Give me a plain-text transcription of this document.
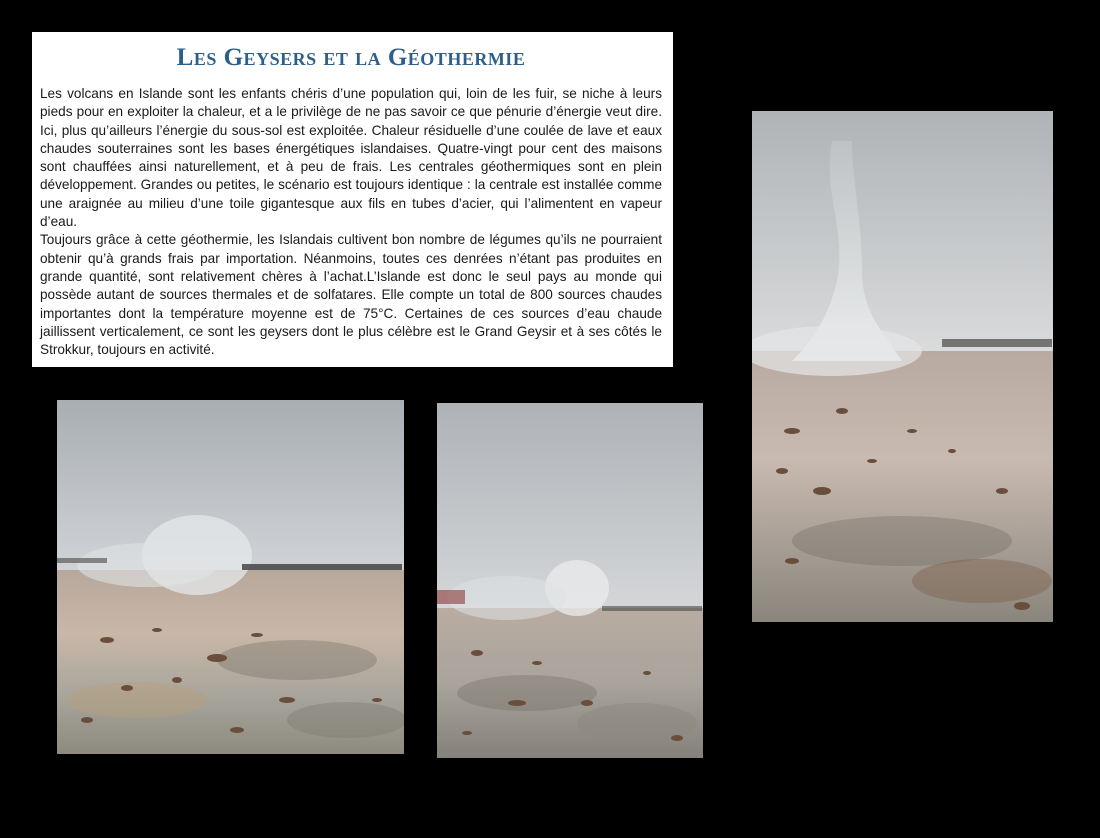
Les Geysers et la Géothermie

Les volcans en Islande sont les enfants chéris d’une population qui, loin de les fuir, se niche à leurs pieds pour en exploiter la chaleur, et a le privilège de ne pas savoir ce que pénurie d’énergie veut dire. Ici, plus qu’ailleurs l’énergie du sous-sol est exploitée. Chaleur résiduelle d’une coulée de lave et eaux chaudes souterraines sont les bases énergétiques islandaises. Quatre-vingt pour cent des maisons sont chauffées ainsi naturellement, et à peu de frais. Les centrales géothermiques sont en plein développement. Grandes ou petites, le scénario est toujours identique : la centrale est installée comme une araignée au milieu d’une toile gigantesque aux fils en tubes d’acier, qui l’alimentent en vapeur d’eau.

Toujours grâce à cette géothermie, les Islandais cultivent bon nombre de légumes qu’ils ne pourraient obtenir qu’à grands frais par importation. Néanmoins, toutes ces denrées n’étant pas produites en grande quantité, sont relativement chères à l’achat.L’Islande est donc le seul pays au monde qui possède autant de sources thermales et de solfatares. Elle compte un total de 800 sources chaudes importantes dont la température moyenne est de 75°C. Certaines de ces sources d’eau chaude jaillissent verticalement, ce sont les geysers dont le plus célèbre est le Grand Geysir et à ses côtés le Strokkur, toujours en activité.
